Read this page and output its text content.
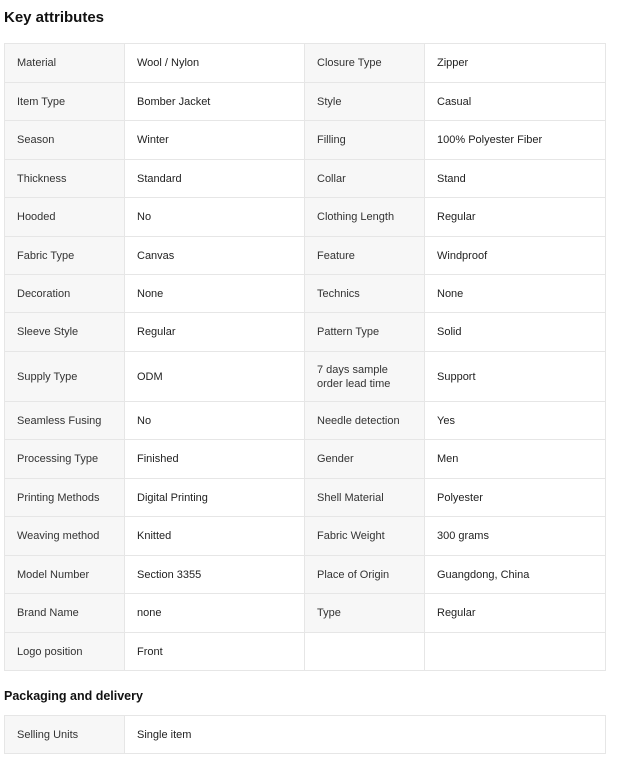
Key attributes
Material	Wool / Nylon	Closure Type	Zipper
Item Type	Bomber Jacket	Style	Casual
Season	Winter	Filling	100% Polyester Fiber
Thickness	Standard	Collar	Stand
Hooded	No	Clothing Length	Regular
Fabric Type	Canvas	Feature	Windproof
Decoration	None	Technics	None
Sleeve Style	Regular	Pattern Type	Solid
Supply Type	ODM	7 days sample order lead time	Support
Seamless Fusing	No	Needle detection	Yes
Processing Type	Finished	Gender	Men
Printing Methods	Digital Printing	Shell Material	Polyester
Weaving method	Knitted	Fabric Weight	300 grams
Model Number	Section 3355	Place of Origin	Guangdong, China
Brand Name	none	Type	Regular
Logo position	Front		
Packaging and delivery
Selling Units	Single item
